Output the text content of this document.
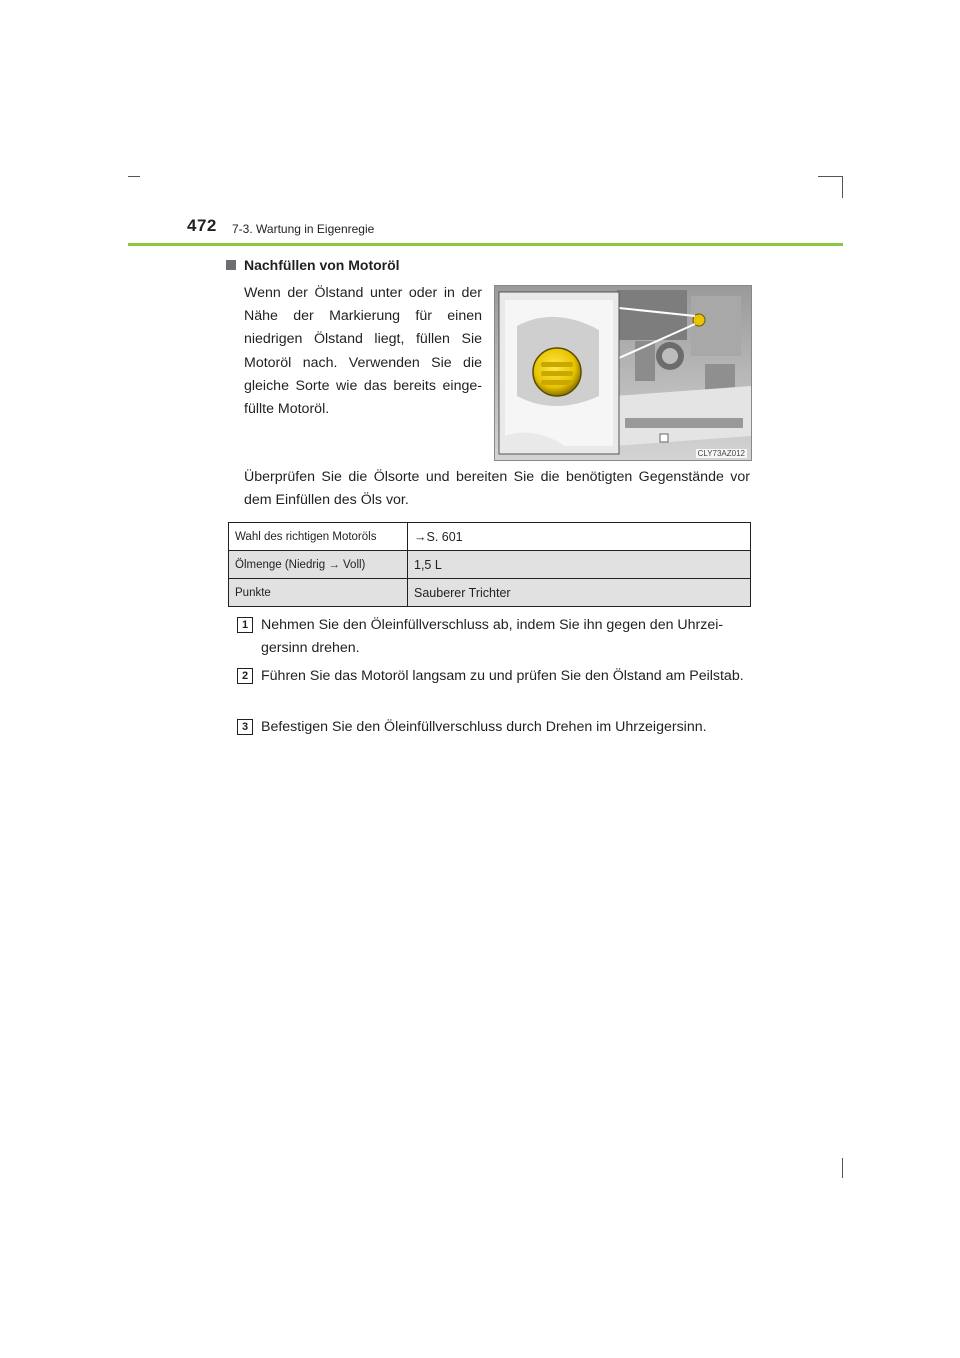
472 7-3. Wartung in Eigenregie
Nachfüllen von Motoröl
Wenn der Ölstand unter oder in der Nähe der Markierung für einen niedrigen Ölstand liegt, füllen Sie Motoröl nach. Verwenden Sie die gleiche Sorte wie das bereits eingefüllte Motoröl.
CLY73AZ012
Überprüfen Sie die Ölsorte und bereiten Sie die benötigten Gegenstände vor dem Einfüllen des Öls vor.
Wahl des richtigen Motoröls	→S. 601
Ölmenge (Niedrig → Voll)	1,5 L
Punkte	Sauberer Trichter
1 Nehmen Sie den Öleinfüllverschluss ab, indem Sie ihn gegen den Uhrzeigersinn drehen.
2 Führen Sie das Motoröl langsam zu und prüfen Sie den Ölstand am Peilstab.
3 Befestigen Sie den Öleinfüllverschluss durch Drehen im Uhrzeigersinn.
